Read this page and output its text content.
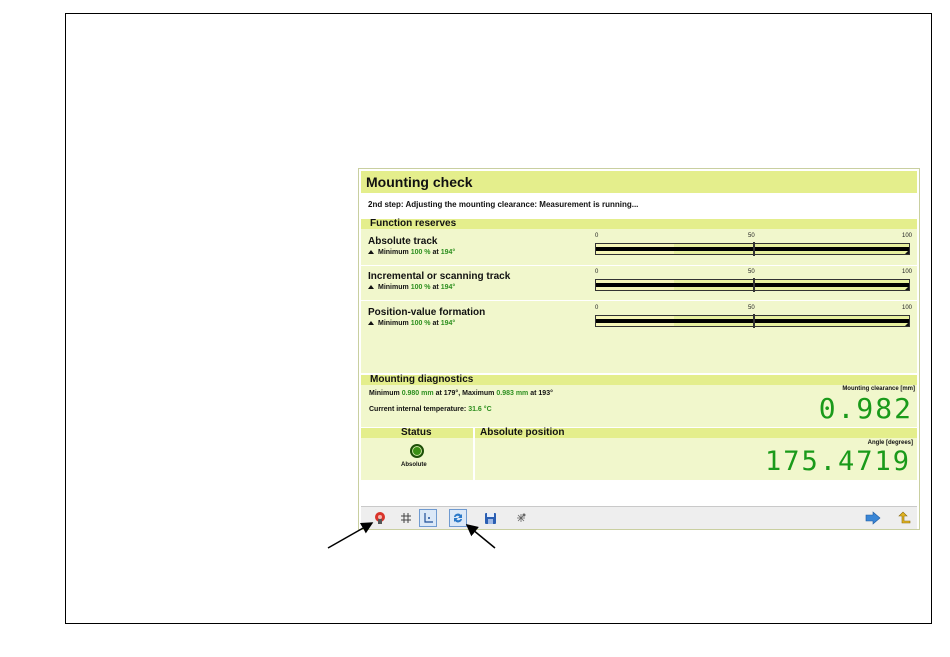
Mounting check
2nd step: Adjusting the mounting clearance: Measurement is running...
Function reserves
Absolute track
Minimum 100 % at 194°
0	50	100
Incremental or scanning track
Minimum 100 % at 194°
0	50	100
Position-value formation
Minimum 100 % at 194°
0	50	100
Mounting diagnostics
Minimum 0.980 mm at 179°, Maximum 0.983 mm at 193°
Current internal temperature: 31.6 °C
Mounting clearance [mm]
0.982
Status	Absolute position
Absolute
Angle [degrees]
175.4719
